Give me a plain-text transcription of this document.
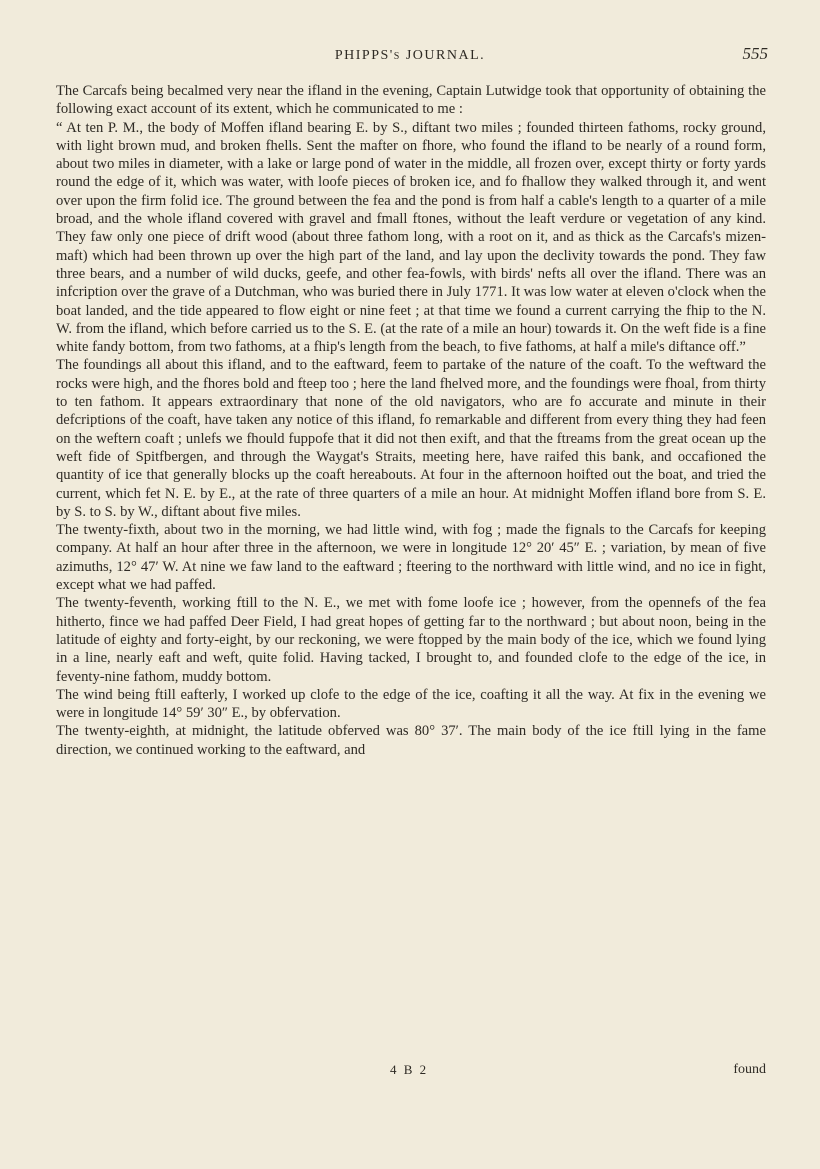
PHIPPS's JOURNAL.	555

The Carcafs being becalmed very near the ifland in the evening, Captain Lutwidge took that opportunity of obtaining the following exact account of its extent, which he communicated to me :

“ At ten P. M., the body of Moffen ifland bearing E. by S., diftant two miles ; founded thirteen fathoms, rocky ground, with light brown mud, and broken fhells. Sent the mafter on fhore, who found the ifland to be nearly of a round form, about two miles in diameter, with a lake or large pond of water in the middle, all frozen over, except thirty or forty yards round the edge of it, which was water, with loofe pieces of broken ice, and fo fhallow they walked through it, and went over upon the firm folid ice. The ground between the fea and the pond is from half a cable's length to a quarter of a mile broad, and the whole ifland covered with gravel and fmall ftones, without the leaft verdure or vegetation of any kind. They faw only one piece of drift wood (about three fathom long, with a root on it, and as thick as the Carcafs's mizen-maft) which had been thrown up over the high part of the land, and lay upon the declivity towards the pond. They faw three bears, and a number of wild ducks, geefe, and other fea-fowls, with birds' nefts all over the ifland. There was an infcription over the grave of a Dutchman, who was buried there in July 1771. It was low water at eleven o'clock when the boat landed, and the tide appeared to flow eight or nine feet ; at that time we found a current carrying the fhip to the N. W. from the ifland, which before carried us to the S. E. (at the rate of a mile an hour) towards it. On the weft fide is a fine white fandy bottom, from two fathoms, at a fhip's length from the beach, to five fathoms, at half a mile's diftance off.”

The foundings all about this ifland, and to the eaftward, feem to partake of the nature of the coaft. To the weftward the rocks were high, and the fhores bold and fteep too ; here the land fhelved more, and the foundings were fhoal, from thirty to ten fathom. It appears extraordinary that none of the old navigators, who are fo accurate and minute in their defcriptions of the coaft, have taken any notice of this ifland, fo remarkable and different from every thing they had feen on the weftern coaft ; unlefs we fhould fuppofe that it did not then exift, and that the ftreams from the great ocean up the weft fide of Spitfbergen, and through the Waygat's Straits, meeting here, have raifed this bank, and occafioned the quantity of ice that generally blocks up the coaft hereabouts. At four in the afternoon hoifted out the boat, and tried the current, which fet N. E. by E., at the rate of three quarters of a mile an hour. At midnight Moffen ifland bore from S. E. by S. to S. by W., diftant about five miles.

The twenty-fixth, about two in the morning, we had little wind, with fog ; made the fignals to the Carcafs for keeping company. At half an hour after three in the afternoon, we were in longitude 12° 20′ 45″ E. ; variation, by mean of five azimuths, 12° 47′ W. At nine we faw land to the eaftward ; fteering to the northward with little wind, and no ice in fight, except what we had paffed.

The twenty-feventh, working ftill to the N. E., we met with fome loofe ice ; however, from the opennefs of the fea hitherto, fince we had paffed Deer Field, I had great hopes of getting far to the northward ; but about noon, being in the latitude of eighty and forty-eight, by our reckoning, we were ftopped by the main body of the ice, which we found lying in a line, nearly eaft and weft, quite folid. Having tacked, I brought to, and founded clofe to the edge of the ice, in feventy-nine fathom, muddy bottom.

The wind being ftill eafterly, I worked up clofe to the edge of the ice, coafting it all the way. At fix in the evening we were in longitude 14° 59′ 30″ E., by obfervation.

The twenty-eighth, at midnight, the latitude obferved was 80° 37′. The main body of the ice ftill lying in the fame direction, we continued working to the eaftward, and

4 B 2	found
